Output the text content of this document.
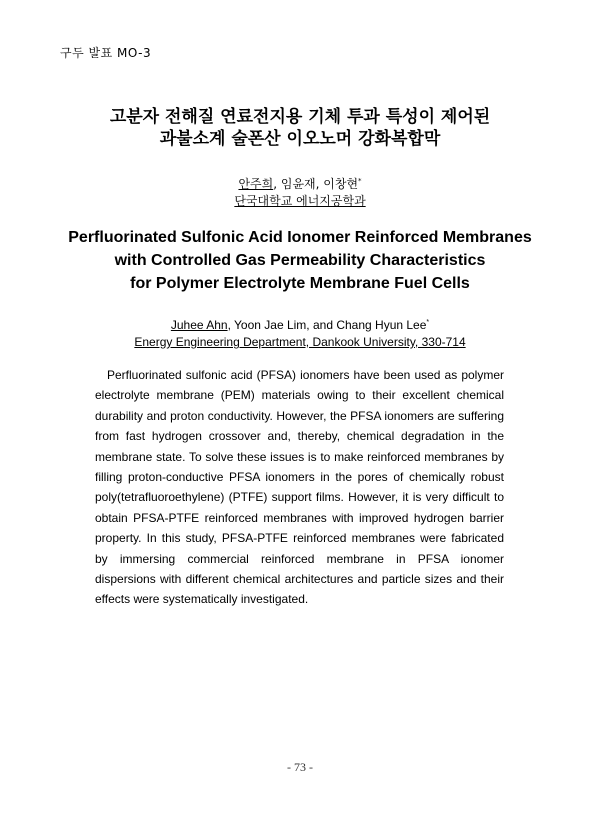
구두 발표 MO-3
고분자 전해질 연료전지용 기체 투과 특성이 제어된
과불소계 술폰산 이오노머 강화복합막
안주희, 임윤재, 이창현*
단국대학교 에너지공학과
Perfluorinated Sulfonic Acid Ionomer Reinforced Membranes
with Controlled Gas Permeability Characteristics
for Polymer Electrolyte Membrane Fuel Cells
Juhee Ahn, Yoon Jae Lim, and Chang Hyun Lee*
Energy Engineering Department, Dankook University, 330-714

Perfluorinated sulfonic acid (PFSA) ionomers have been used as polymer electrolyte membrane (PEM) materials owing to their excellent chemical durability and proton conductivity. However, the PFSA ionomers are suffering from fast hydrogen crossover and, thereby, chemical degradation in the membrane state. To solve these issues is to make reinforced membranes by filling proton-conductive PFSA ionomers in the pores of chemically robust poly(tetrafluoroethylene) (PTFE) support films. However, it is very difficult to obtain PFSA-PTFE reinforced membranes with improved hydrogen barrier property. In this study, PFSA-PTFE reinforced membranes were fabricated by immersing commercial reinforced membrane in PFSA ionomer dispersions with different chemical architectures and particle sizes and their effects were systematically investigated.

- 73 -
